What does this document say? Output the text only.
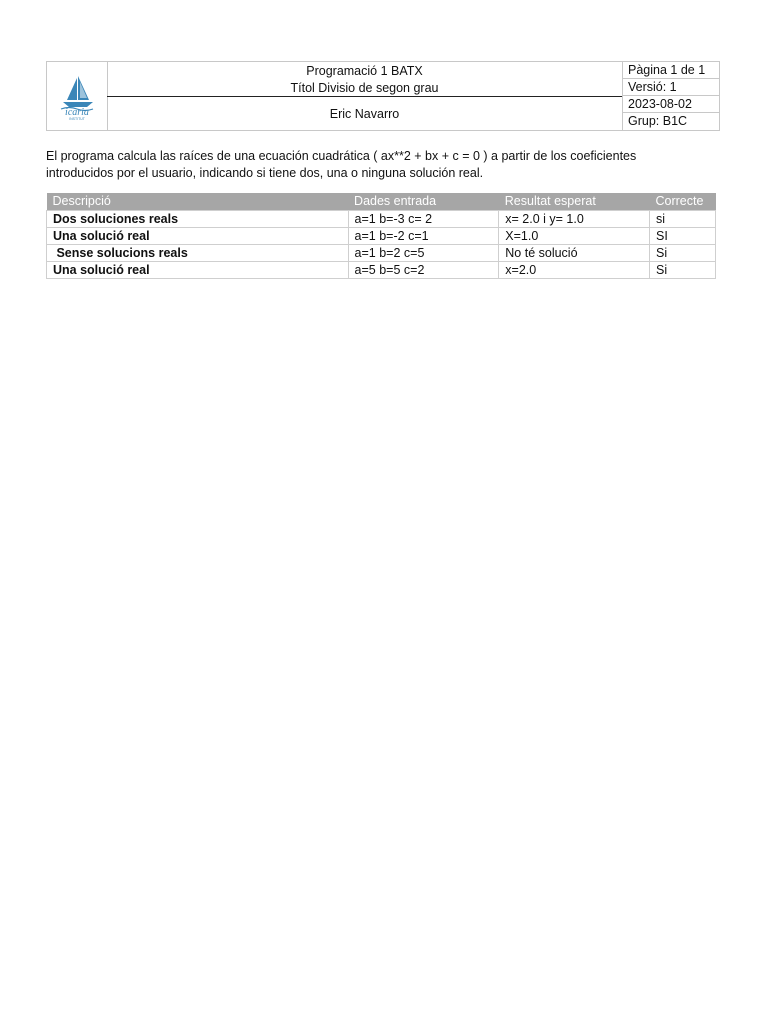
icaria
INSTITUT
Programació 1 BATX
Títol Divisio de segon grau
Eric Navarro
Pàgina 1 de 1
Versió: 1
2023-08-02
Grup: B1C
El programa calcula las raíces de una ecuación cuadrática ( ax**2 + bx + c = 0 ) a partir de los coeficientes
introducidos por el usuario, indicando si tiene dos, una o ninguna solución real.
Descripció	Dades entrada	Resultat esperat	Correcte
Dos soluciones reals	a=1 b=-3 c= 2	x= 2.0 i y= 1.0	si
Una solució real	a=1 b=-2 c=1	X=1.0	SI
Sense solucions reals	a=1 b=2 c=5	No té solució	Si
Una solució real	a=5 b=5 c=2	x=2.0	Si
